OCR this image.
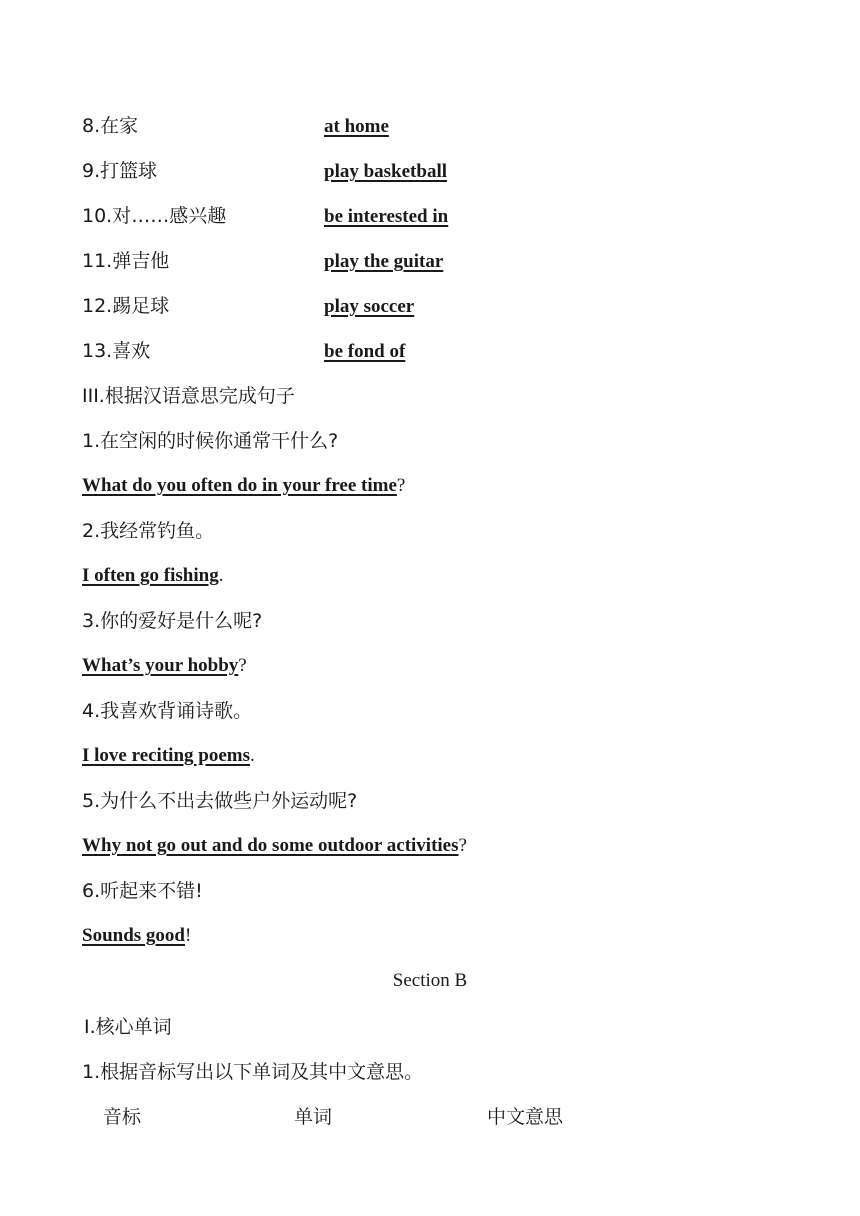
8.在家	at home
9.打篮球	play basketball
10.对……感兴趣	be interested in
11.弹吉他	play the guitar
12.踢足球	play soccer
13.喜欢	be fond of
III.根据汉语意思完成句子
1.在空闲的时候你通常干什么?
What do you often do in your free time?
2.我经常钓鱼。
I often go fishing.
3.你的爱好是什么呢?
What’s your hobby?
4.我喜欢背诵诗歌。
I love reciting poems.
5.为什么不出去做些户外运动呢?
Why not go out and do some outdoor activities?
6.听起来不错!
Sounds good!
Section B
Ⅰ.核心单词
1.根据音标写出以下单词及其中文意思。
音标	单词	中文意思
